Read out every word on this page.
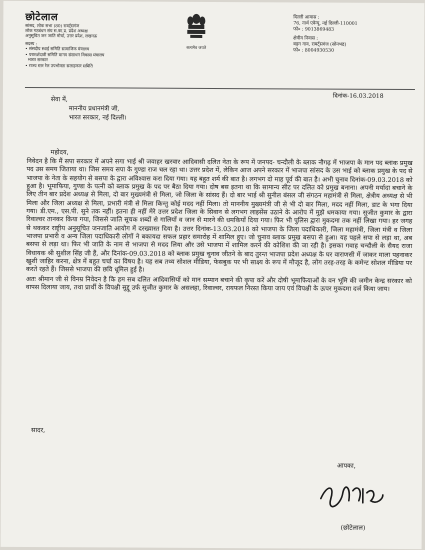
छोटेलाल
सांसद, लोक सभा (80) राबर्ट्सगंज
लोक गठबंधन संघ स.का.प्र. प्रदेश अध्यक्ष
अनुसूचित जन जाति मोर्चा, उत्तर प्रदेश, लखनऊ
सदस्य :
• संसदीय स्थाई समिति सामाजिक मंत्रालय
• परामर्शदात्री समिति मानव संसाधन विकास मंत्रालय
भारत सरकार
• राज्य स्तर रेल उपभोक्ता सलाहकार समिति
सत्यमेव जयते
दिल्ली आवास :
76, नार्थ एवेन्यू, नई दिल्ली-110001
फो० : 9013869483
क्षेत्रीय निवास :
बड़ग गाव, राबर्ट्सगंज (सोनभद्र)
फो० : 8004930530
दिनांक-16.03.2018
सेवा में,
माननीय प्रधानमंत्री जी,
भारत सरकार, नई दिल्ली।
महोदय,

निवेदन है कि मैं सपा सरकार में अपने सगा भाई श्री जवाहर खरवार आदिवासी दलित नेता के रूप में जनपद- चन्दौली के ब्लाक नौगढ़ में भाजपा के मान पद ब्लाक प्रमुख पद उस समय जिताया था। जिस समय सपा के गुण्डा राज चल रहा था। उत्तर प्रदेश में, लेकिन आज अपने सरकार में भाजपा सांसद के उस भाई को ब्लाक प्रमुख के पद से भाजपा के नेता के सहयोग से बसपा के द्वारा अविश्वास करा दिया गया। यह बहुत शर्म की बात है। लगभग दो माह पूर्व की बात है। अभी चुनाव दिनांक-09.03.2018 को हुआ है। भूमाफिया, गुण्डा के पत्नी को ब्लाक प्रमुख के पद पर बैठा दिया गया। दोष बस इतना था कि सामान्य सीट पर दलित को प्रमुख बनाना। अपनी मर्यादा बचाने के लिए तीन बार प्रदेश अध्यक्ष से मिला, दो बार मुख्यमंत्री से मिला, जो जिला के सांसद हैं। दो बार भाई श्री सुनील बंसल जी संगठन महामंत्री से मिला, क्षेत्रीय अध्यक्ष से भी मिला और जिला अध्यक्ष से मिला, प्रभारी मंत्री से मिला किन्तु कोई मदद नहीं मिला। तो माननीय मुख्यमंत्री जी से भी दो बार मिला, मदद नहीं मिला, डाट के भगा दिया गया। डी.एम., एस.पी. सुने तक नहीं। इतना ही नहीं मेरे उत्तर प्रदेश जिला के सिवान से लगभग लाइसेंस उठाने के आरोप में मुझे धमकाया गया। सुजीत कुमार के द्वारा रिवाल्वर तानकर किया गया, जिससे जाति सूचक शब्दों से गालियाँ व जान से मारने की धमकियाँ दिया गया। फिर भी पुलिस द्वारा मुकदमा तक नहीं लिखा गया। हर जगह से थककर राष्ट्रीय अनुसूचित जनजाति आयोग में दरख्वास्त दिया है। उत्तर दिनांक-13.03.2018 को भाजपा के जिला पदाधिकारी, जिला महामंत्री, जिला मंत्री व जिला भाजपा प्रभारी व अन्य जिला पदाधिकारी लोगों ने बकायदा सफल प्रहार समारोह में शामिल हुए। जो चुनाव ब्लाक प्रमुख बसपा से हुआ। यह पहले सपा से लड़ा था, अब बसपा से लड़ा था। फिर भी जाति के नाम से भाजपा से मदद लिया और उसे भाजपा में शामिल करने की कोशिश की जा रही है। इसका गवाह चन्दौली के सैयद राजा विधायक श्री सुशील सिंह जी हैं, और दिनांक-09.03.2018 को ब्लाक प्रमुख चुनाव जीतने के बाद तुरन्त भाजपा प्रदेश अध्यक्ष के घर वाराणसी में जाकर माला पहनाकर खुशी जाहिर करना, क्षेत्र में बहुत चर्चा का विषय है। यह सब तथ्य सोशल मीडिया, फेसबुक पर भी साक्ष्य के रूप में मौजूद है, लोग तरह-तरह के कमेन्ट सोशल मीडिया पर करते रहते हैं। जिससे भाजपा की छवि धूमिल हुई है।

अतः श्रीमान जी से विनम्र निवेदन है कि हम सब दलित आदिवासियों को मान सम्मान बचाने की कृपा करें और दोषी भूमाफियाओं के वन भूमि की जमीन केन्द्र सरकार को वापस दिलाया जाय, तथा प्रार्थी के विपक्षी सुद्दू उर्फ सुजीत कुमार के असलहा, रिवाल्वर, रायफल निरस्त किया जाय एवं विपक्षी के ऊपर मुकदमा दर्ज किया जाय।

सादर,
आपका,
(छोटेलाल)
